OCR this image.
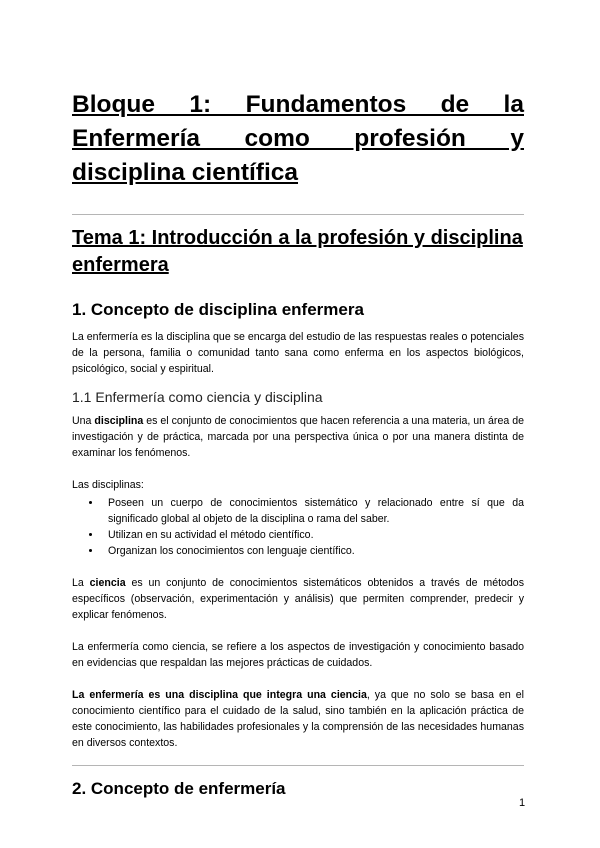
Bloque 1: Fundamentos de la Enfermería como profesión y disciplina científica
Tema 1: Introducción a la profesión y disciplina enfermera
1. Concepto de disciplina enfermera

La enfermería es la disciplina que se encarga del estudio de las respuestas reales o potenciales de la persona, familia o comunidad tanto sana como enferma en los aspectos biológicos, psicológico, social y espiritual.

1.1 Enfermería como ciencia y disciplina

Una disciplina es el conjunto de conocimientos que hacen referencia a una materia, un área de investigación y de práctica, marcada por una perspectiva única o por una manera distinta de examinar los fenómenos.

Las disciplinas:

• Poseen un cuerpo de conocimientos sistemático y relacionado entre sí que da significado global al objeto de la disciplina o rama del saber.
• Utilizan en su actividad el método científico.
• Organizan los conocimientos con lenguaje científico.

La ciencia es un conjunto de conocimientos sistemáticos obtenidos a través de métodos específicos (observación, experimentación y análisis) que permiten comprender, predecir y explicar fenómenos.

La enfermería como ciencia, se refiere a los aspectos de investigación y conocimiento basado en evidencias que respaldan las mejores prácticas de cuidados.

La enfermería es una disciplina que integra una ciencia, ya que no solo se basa en el conocimiento científico para el cuidado de la salud, sino también en la aplicación práctica de este conocimiento, las habilidades profesionales y la comprensión de las necesidades humanas en diversos contextos.

2. Concepto de enfermería
1
